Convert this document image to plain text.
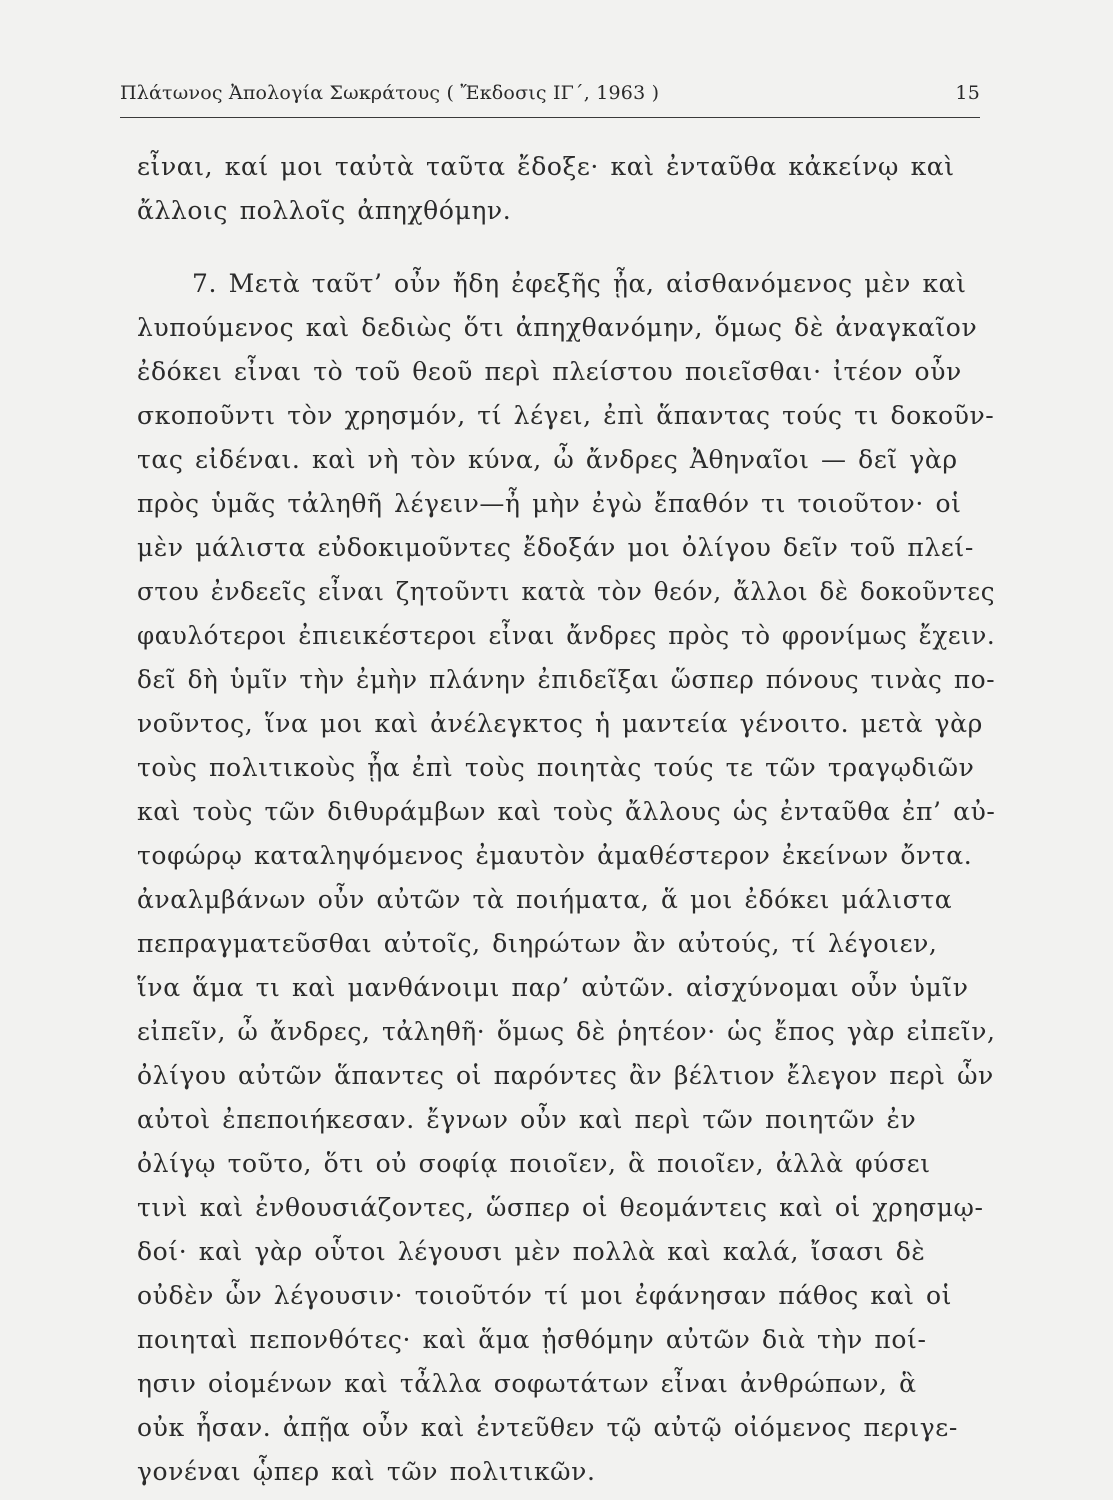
Πλάτωνος Ἀπολογία Σωκράτους ( Ἔκδοσις ΙΓ΄, 1963 )	15
εἶναι, καί μοι ταὐτὰ ταῦτα ἔδοξε· καὶ ἐνταῦθα κἀκείνῳ καὶ
ἄλλοις πολλοῖς ἀπηχθόμην.
7. Μετὰ ταῦτ’ οὖν ἤδη ἐφεξῆς ᾖα, αἰσθανόμενος μὲν καὶ
λυπούμενος καὶ δεδιὼς ὅτι ἀπηχθανόμην, ὅμως δὲ ἀναγκαῖον
ἐδόκει εἶναι τὸ τοῦ θεοῦ περὶ πλείστου ποιεῖσθαι· ἰτέον οὖν
σκοποῦντι τὸν χρησμόν, τί λέγει, ἐπὶ ἅπαντας τούς τι δοκοῦν-
τας εἰδέναι. καὶ νὴ τὸν κύνα, ὦ ἄνδρες Ἀθηναῖοι — δεῖ γὰρ
πρὸς ὑμᾶς τἀληθῆ λέγειν—ἦ μὴν ἐγὼ ἔπαθόν τι τοιοῦτον· οἱ
μὲν μάλιστα εὐδοκιμοῦντες ἔδοξάν μοι ὀλίγου δεῖν τοῦ πλεί-
στου ἐνδεεῖς εἶναι ζητοῦντι κατὰ τὸν θεόν, ἄλλοι δὲ δοκοῦντες
φαυλότεροι ἐπιεικέστεροι εἶναι ἄνδρες πρὸς τὸ φρονίμως ἔχειν.
δεῖ δὴ ὑμῖν τὴν ἐμὴν πλάνην ἐπιδεῖξαι ὥσπερ πόνους τινὰς πο-
νοῦντος, ἵνα μοι καὶ ἀνέλεγκτος ἡ μαντεία γένοιτο. μετὰ γὰρ
τοὺς πολιτικοὺς ᾖα ἐπὶ τοὺς ποιητὰς τούς τε τῶν τραγῳδιῶν
καὶ τοὺς τῶν διθυράμβων καὶ τοὺς ἄλλους ὡς ἐνταῦθα ἐπ’ αὐ-
τοφώρῳ καταληψόμενος ἐμαυτὸν ἀμαθέστερον ἐκείνων ὄντα.
ἀναλμβάνων οὖν αὐτῶν τὰ ποιήματα, ἅ μοι ἐδόκει μάλιστα
πεπραγματεῦσθαι αὐτοῖς, διηρώτων ἂν αὐτούς, τί λέγοιεν,
ἵνα ἅμα τι καὶ μανθάνοιμι παρ’ αὐτῶν. αἰσχύνομαι οὖν ὑμῖν
εἰπεῖν, ὦ ἄνδρες, τἀληθῆ· ὅμως δὲ ῥητέον· ὡς ἔπος γὰρ εἰπεῖν,
ὀλίγου αὐτῶν ἅπαντες οἱ παρόντες ἂν βέλτιον ἔλεγον περὶ ὧν
αὐτοὶ ἐπεποιήκεσαν. ἔγνων οὖν καὶ περὶ τῶν ποιητῶν ἐν
ὀλίγῳ τοῦτο, ὅτι οὐ σοφίᾳ ποιοῖεν, ἃ ποιοῖεν, ἀλλὰ φύσει
τινὶ καὶ ἐνθουσιάζοντες, ὥσπερ οἱ θεομάντεις καὶ οἱ χρησμῳ-
δοί· καὶ γὰρ οὗτοι λέγουσι μὲν πολλὰ καὶ καλά, ἴσασι δὲ
οὐδὲν ὧν λέγουσιν· τοιοῦτόν τί μοι ἐφάνησαν πάθος καὶ οἱ
ποιηταὶ πεπονθότες· καὶ ἅμα ᾐσθόμην αὐτῶν διὰ τὴν ποί-
ησιν οἰομένων καὶ τἆλλα σοφωτάτων εἶναι ἀνθρώπων, ἃ
οὐκ ἦσαν. ἀπῇα οὖν καὶ ἐντεῦθεν τῷ αὐτῷ οἰόμενος περιγε-
γονέναι ᾧπερ καὶ τῶν πολιτικῶν.
